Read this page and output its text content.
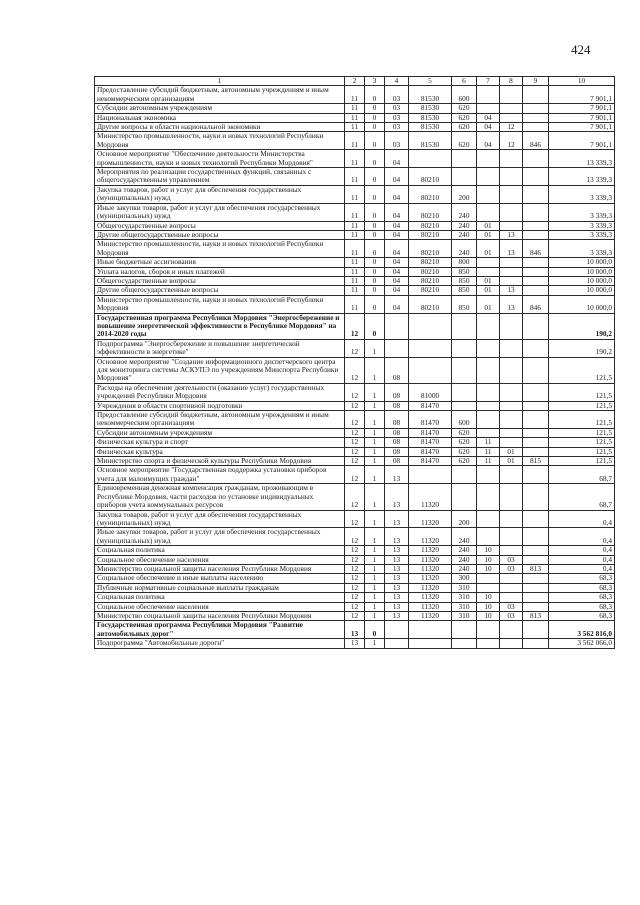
424
1	2	3	4	5	6	7	8	9	10
Предоставление субсидий бюджетным, автономным учреждениям и иным некоммерческим организациям	11	0	03	81530	600				7 901,1
Субсидии автономным учреждениям	11	0	03	81530	620				7 901,1
Национальная экономика	11	0	03	81530	620	04			7 901,1
Другие вопросы в области национальной экономики	11	0	03	81530	620	04	12		7 901,1
Министерство промышленности, науки и новых технологий Республики Мордовия	11	0	03	81530	620	04	12	846	7 901,1
Основное мероприятие "Обеспечение деятельности Министерства промышленности, науки и новых технологий Республики Мордовия"	11	0	04						13 339,3
Мероприятия по реализации государственных функций, связанных с общегосударственным управлением	11	0	04	80210					13 339,3
Закупка товаров, работ и услуг для обеспечения государственных (муниципальных) нужд	11	0	04	80210	200				3 339,3
Иные закупки товаров, работ и услуг для обеспечения государственных (муниципальных) нужд	11	0	04	80210	240				3 339,3
Общегосударственные вопросы	11	0	04	80210	240	01			3 339,3
Другие общегосударственные вопросы	11	0	04	80210	240	01	13		3 339,3
Министерство промышленности, науки и новых технологий Республики Мордовия	11	0	04	80210	240	01	13	846	3 339,3
Иные бюджетные ассигнования	11	0	04	80210	800				10 000,0
Уплата налогов, сборов и иных платежей	11	0	04	80210	850				10 000,0
Общегосударственные вопросы	11	0	04	80210	850	01			10 000,0
Другие общегосударственные вопросы	11	0	04	80210	850	01	13		10 000,0
Министерство промышленности, науки и новых технологий Республики Мордовия	11	0	04	80210	850	01	13	846	10 000,0
Государственная программа Республики Мордовия "Энергосбережение и повышение энергетической эффективности в Республике Мордовия" на 2014-2020 годы	12	0							190,2
Подпрограмма "Энергосбережение и повышение энергетической эффективности в энергетике"	12	1							190,2
Основное мероприятие "Создание информационного диспетчерского центра для мониторинга системы АСКУПЭ по учреждениям Минспорта Республики Мордовия"	12	1	08						121,5
Расходы на обеспечение деятельности (оказание услуг) государственных учреждений Республики Мордовия	12	1	08	81000					121,5
Учреждения в области спортивной подготовки	12	1	08	81470					121,5
Предоставление субсидий бюджетным, автономным учреждениям и иным некоммерческим организациям	12	1	08	81470	600				121,5
Субсидии автономным учреждениям	12	1	08	81470	620				121,5
Физическая культура и спорт	12	1	08	81470	620	11			121,5
Физическая культура	12	1	08	81470	620	11	01		121,5
Министерство спорта и физической культуры Республики Мордовия	12	1	08	81470	620	11	01	815	121,5
Основное мероприятие "Государственная поддержка установки приборов учета для малоимущих граждан"	12	1	13						68,7
Единовременная денежная компенсация гражданам, проживающим в Республике Мордовия, части расходов по установке индивидуальных приборов учета коммунальных ресурсов	12	1	13	11320					68,7
Закупка товаров, работ и услуг для обеспечения государственных (муниципальных) нужд	12	1	13	11320	200				0,4
Иные закупки товаров, работ и услуг для обеспечения государственных (муниципальных) нужд	12	1	13	11320	240				0,4
Социальная политика	12	1	13	11320	240	10			0,4
Социальное обеспечение населения	12	1	13	11320	240	10	03		0,4
Министерство социальной защиты населения Республики Мордовия	12	1	13	11320	240	10	03	813	0,4
Социальное обеспечение и иные выплаты населению	12	1	13	11320	300				68,3
Публичные нормативные социальные выплаты гражданам	12	1	13	11320	310				68,3
Социальная политика	12	1	13	11320	310	10			68,3
Социальное обеспечение населения	12	1	13	11320	310	10	03		68,3
Министерство социальной защиты населения Республики Мордовия	12	1	13	11320	310	10	03	813	68,3
Государственная программа Республики Мордовия "Развитие автомобильных дорог"	13	0							3 562 816,0
Подпрограмма "Автомобильные дороги"	13	1							3 562 066,0
